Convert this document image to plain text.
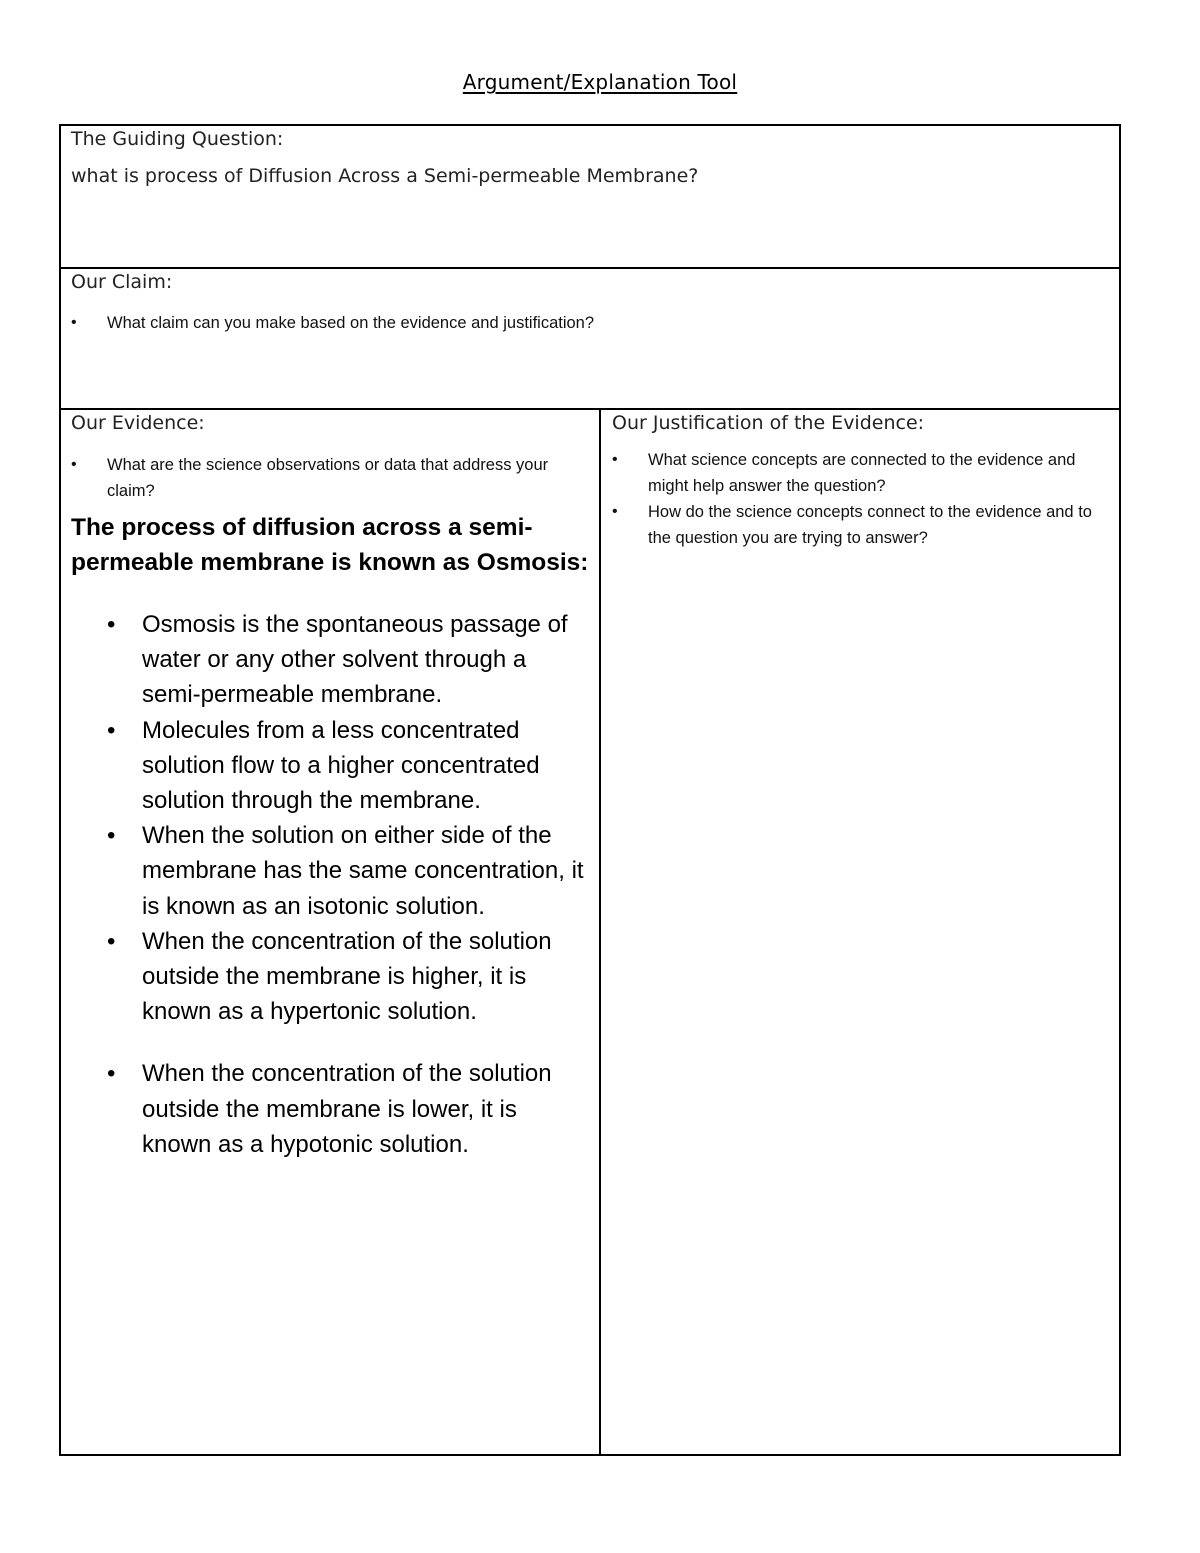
Argument/Explanation Tool
The Guiding Question:
what is process of Diffusion Across a Semi-permeable Membrane?
Our Claim:
• What claim can you make based on the evidence and justification?
Our Evidence:
• What are the science observations or data that address your claim?
The process of diffusion across a semi-permeable membrane is known as Osmosis:
• Osmosis is the spontaneous passage of water or any other solvent through a semi-permeable membrane.
• Molecules from a less concentrated solution flow to a higher concentrated solution through the membrane.
• When the solution on either side of the membrane has the same concentration, it is known as an isotonic solution.
• When the concentration of the solution outside the membrane is higher, it is known as a hypertonic solution.
• When the concentration of the solution outside the membrane is lower, it is known as a hypotonic solution.
Our Justification of the Evidence:
• What science concepts are connected to the evidence and might help answer the question?
• How do the science concepts connect to the evidence and to the question you are trying to answer?
